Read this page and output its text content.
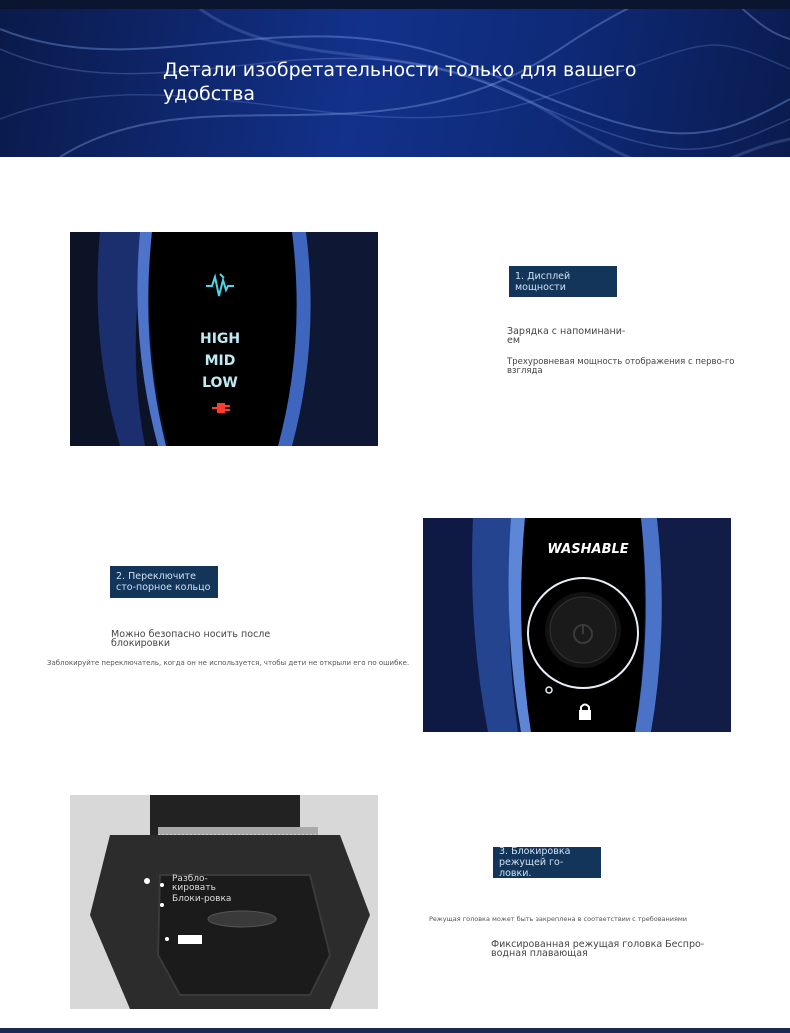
Детали изобретательности только для вашего удобства
HIGH
MID
LOW
1. Дисплей мощности
Зарядка с напоминани-ем
Трехуровневая мощность отображения с перво-го взгляда
2. Переключите сто-порное кольцо
Можно безопасно носить после блокировки
Заблокируйте переключатель, когда он не используется, чтобы дети не открыли его по ошибке.
WASHABLE
Разбло-кировать
Блоки-ровка
3. Блокировка режущей го-ловки.
Режущая головка может быть закреплена в соответствии с требованиями
Фиксированная режущая головка Беспро-водная плавающая
